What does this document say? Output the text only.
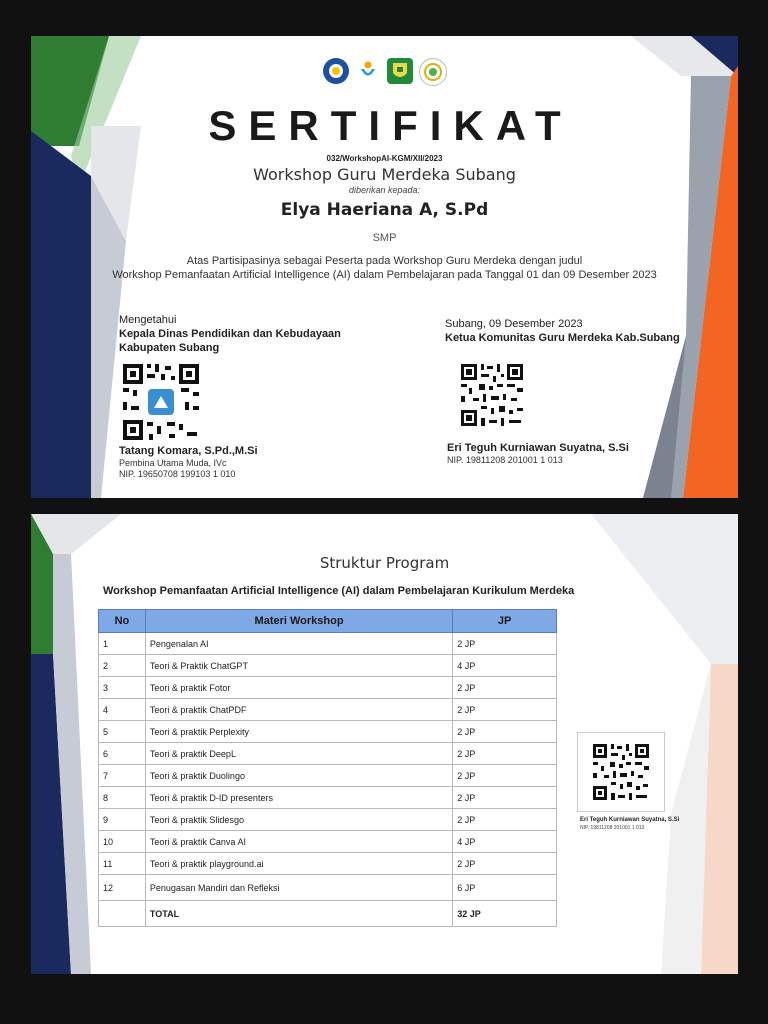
SERTIFIKAT
032/WorkshopAI-KGM/XII/2023
Workshop Guru Merdeka Subang
diberikan kepada:
Elya Haeriana A, S.Pd
SMP
Atas Partisipasinya sebagai Peserta pada Workshop Guru Merdeka dengan judul
Workshop Pemanfaatan Artificial Intelligence (AI) dalam Pembelajaran pada Tanggal 01 dan 09 Desember 2023
Mengetahui
Kepala Dinas Pendidikan dan Kebudayaan
Kabupaten Subang
Tatang Komara, S.Pd.,M.Si
Pembina Utama Muda, IVc
NIP. 19650708 199103 1 010
Subang, 09 Desember 2023
Ketua Komunitas Guru Merdeka Kab.Subang
Eri Teguh Kurniawan Suyatna, S.Si
NIP. 19811208 201001 1 013
Struktur Program
Workshop Pemanfaatan Artificial Intelligence (AI) dalam Pembelajaran Kurikulum Merdeka
No	Materi Workshop	JP
1	Pengenalan AI	2 JP
2	Teori & Praktik ChatGPT	4 JP
3	Teori & praktik Fotor	2 JP
4	Teori & praktik ChatPDF	2 JP
5	Teori & praktik Perplexity	2 JP
6	Teori & praktik DeepL	2 JP
7	Teori & praktik Duolingo	2 JP
8	Teori & praktik D-ID presenters	2 JP
9	Teori & praktik Slidesgo	2 JP
10	Teori & praktik Canva AI	4 JP
11	Teori & praktik playground.ai	2 JP
12	Penugasan Mandiri dan Refleksi	6 JP
	TOTAL	32 JP
Eri Teguh Kurniawan Suyatna, S.Si
NIP. 19811208 201001 1 013
